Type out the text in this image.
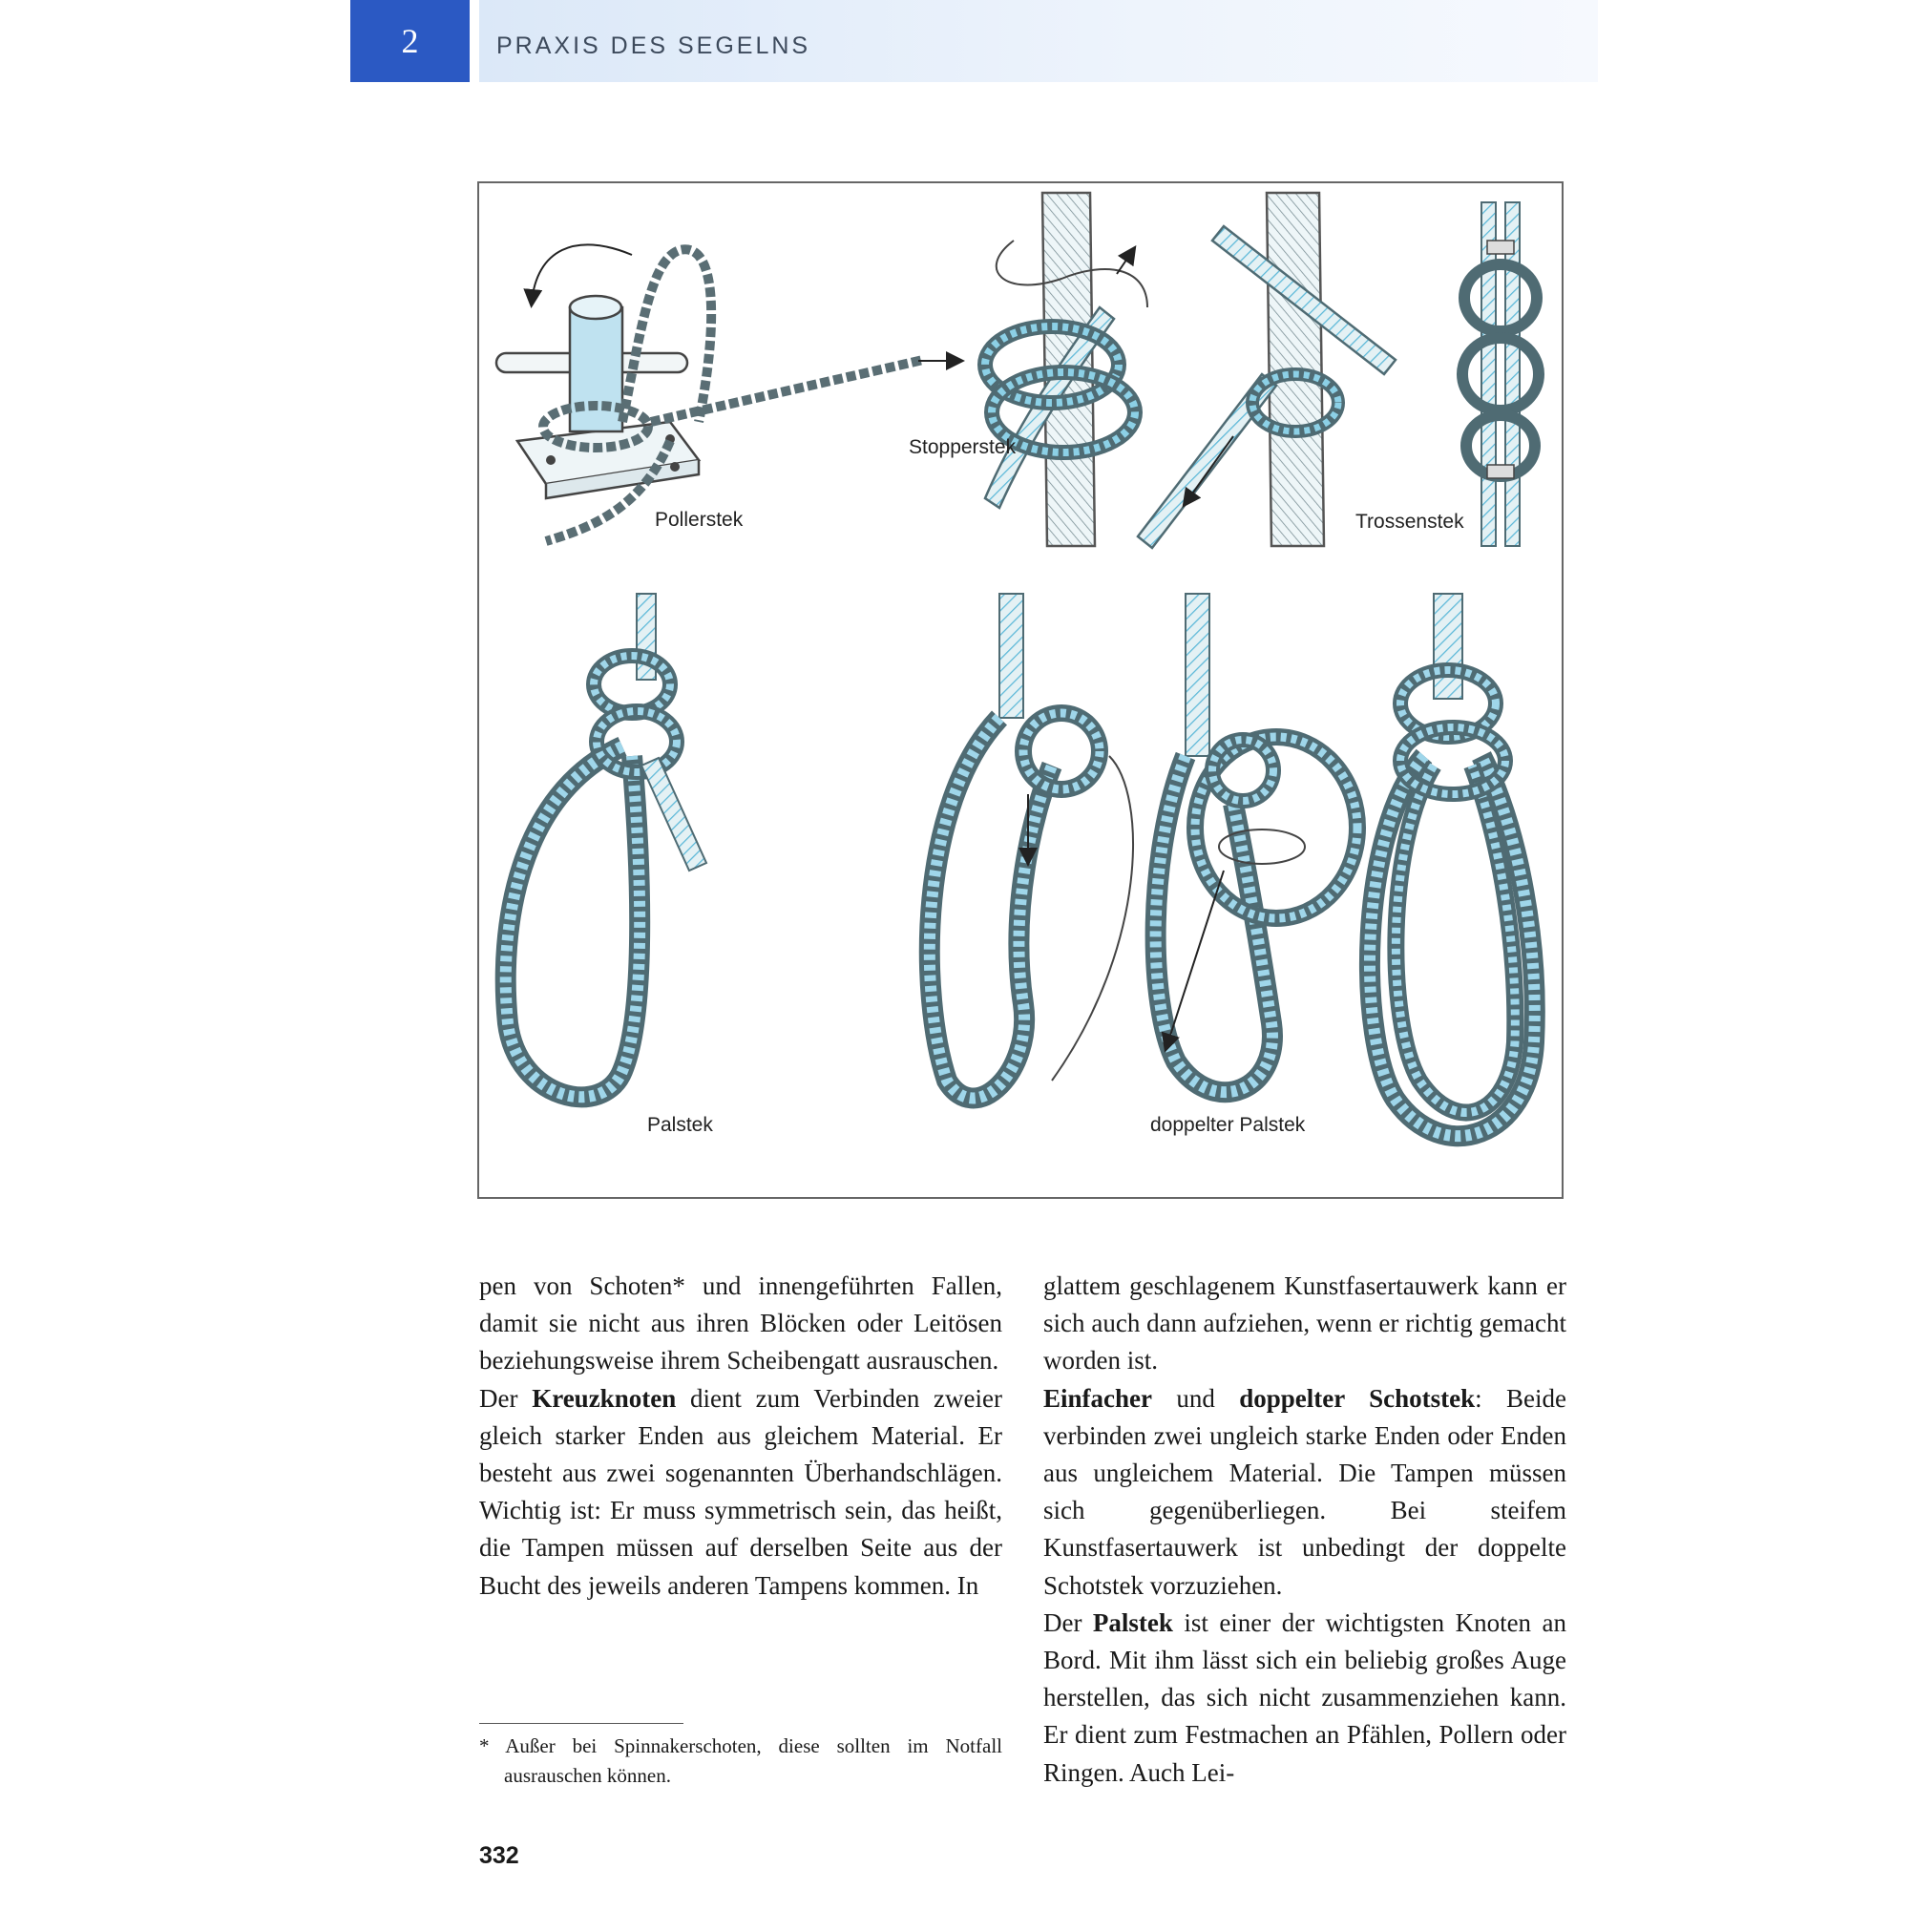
2	PRAXIS DES SEGELNS
Pollerstek
Stopperstek
Trossenstek
Palstek	doppelter Palstek

pen von Schoten* und innengeführten Fallen, damit sie nicht aus ihren Blöcken oder Leitösen beziehungsweise ihrem Scheibengatt ausrauschen.

Der Kreuzknoten dient zum Verbinden zweier gleich starker Enden aus gleichem Material. Er besteht aus zwei sogenannten Überhandschlägen. Wichtig ist: Er muss symmetrisch sein, das heißt, die Tampen müssen auf derselben Seite aus der Bucht des jeweils anderen Tampens kommen. In

glattem geschlagenem Kunstfasertauwerk kann er sich auch dann aufziehen, wenn er richtig gemacht worden ist.

Einfacher und doppelter Schotstek: Beide verbinden zwei ungleich starke Enden oder Enden aus ungleichem Material. Die Tampen müssen sich gegenüberliegen. Bei steifem Kunstfasertauwerk ist unbedingt der doppelte Schotstek vorzuziehen.

Der Palstek ist einer der wichtigsten Knoten an Bord. Mit ihm lässt sich ein beliebig großes Auge herstellen, das sich nicht zusammenziehen kann. Er dient zum Festmachen an Pfählen, Pollern oder Ringen. Auch Lei-

* Außer bei Spinnakerschoten, diese sollten im Notfall ausrauschen können.
332
